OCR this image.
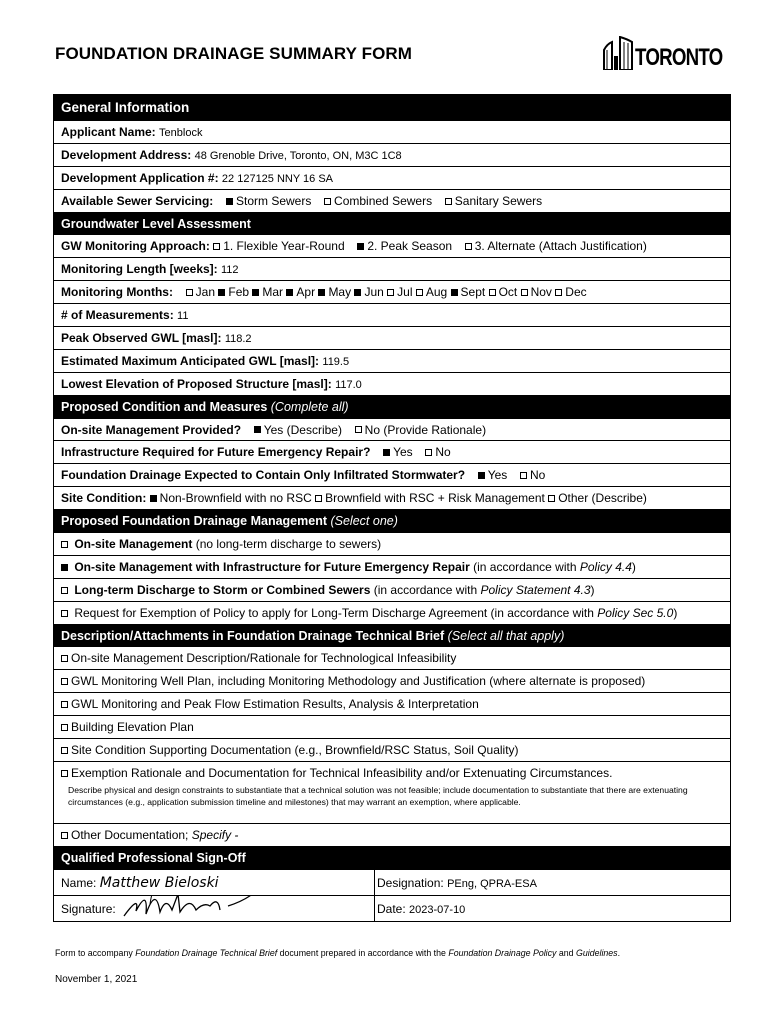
FOUNDATION DRAINAGE SUMMARY FORM	TORONTO
General Information
Applicant Name: Tenblock
Development Address: 48 Grenoble Drive, Toronto, ON, M3C 1C8
Development Application #: 22 127125 NNY 16 SA
Available Sewer Servicing: Storm Sewers Combined Sewers Sanitary Sewers
Groundwater Level Assessment
GW Monitoring Approach: 1. Flexible Year-Round 2. Peak Season 3. Alternate (Attach Justification)
Monitoring Length [weeks]: 112
Monitoring Months: Jan Feb Mar Apr May Jun Jul Aug Sept Oct Nov Dec
# of Measurements: 11
Peak Observed GWL [masl]: 118.2
Estimated Maximum Anticipated GWL [masl]: 119.5
Lowest Elevation of Proposed Structure [masl]: 117.0
Proposed Condition and Measures (Complete all)
On-site Management Provided? Yes (Describe) No (Provide Rationale)
Infrastructure Required for Future Emergency Repair? Yes No
Foundation Drainage Expected to Contain Only Infiltrated Stormwater? Yes No
Site Condition: Non-Brownfield with no RSC Brownfield with RSC + Risk Management Other (Describe)
Proposed Foundation Drainage Management (Select one)
On-site Management (no long-term discharge to sewers)
On-site Management with Infrastructure for Future Emergency Repair (in accordance with Policy 4.4)
Long-term Discharge to Storm or Combined Sewers (in accordance with Policy Statement 4.3)
Request for Exemption of Policy to apply for Long-Term Discharge Agreement (in accordance with Policy Sec 5.0)
Description/Attachments in Foundation Drainage Technical Brief (Select all that apply)
On-site Management Description/Rationale for Technological Infeasibility
GWL Monitoring Well Plan, including Monitoring Methodology and Justification (where alternate is proposed)
GWL Monitoring and Peak Flow Estimation Results, Analysis & Interpretation
Building Elevation Plan
Site Condition Supporting Documentation (e.g., Brownfield/RSC Status, Soil Quality)
Exemption Rationale and Documentation for Technical Infeasibility and/or Extenuating Circumstances.
Describe physical and design constraints to substantiate that a technical solution was not feasible; include documentation to substantiate that there are extenuating circumstances (e.g., application submission timeline and milestones) that may warrant an exemption, where applicable.
Other Documentation; Specify -
Qualified Professional Sign-Off
Name: Matthew Bieloski	Designation: PEng, QPRA-ESA
Signature:	Date: 2023-07-10
Form to accompany Foundation Drainage Technical Brief document prepared in accordance with the Foundation Drainage Policy and Guidelines.
November 1, 2021
